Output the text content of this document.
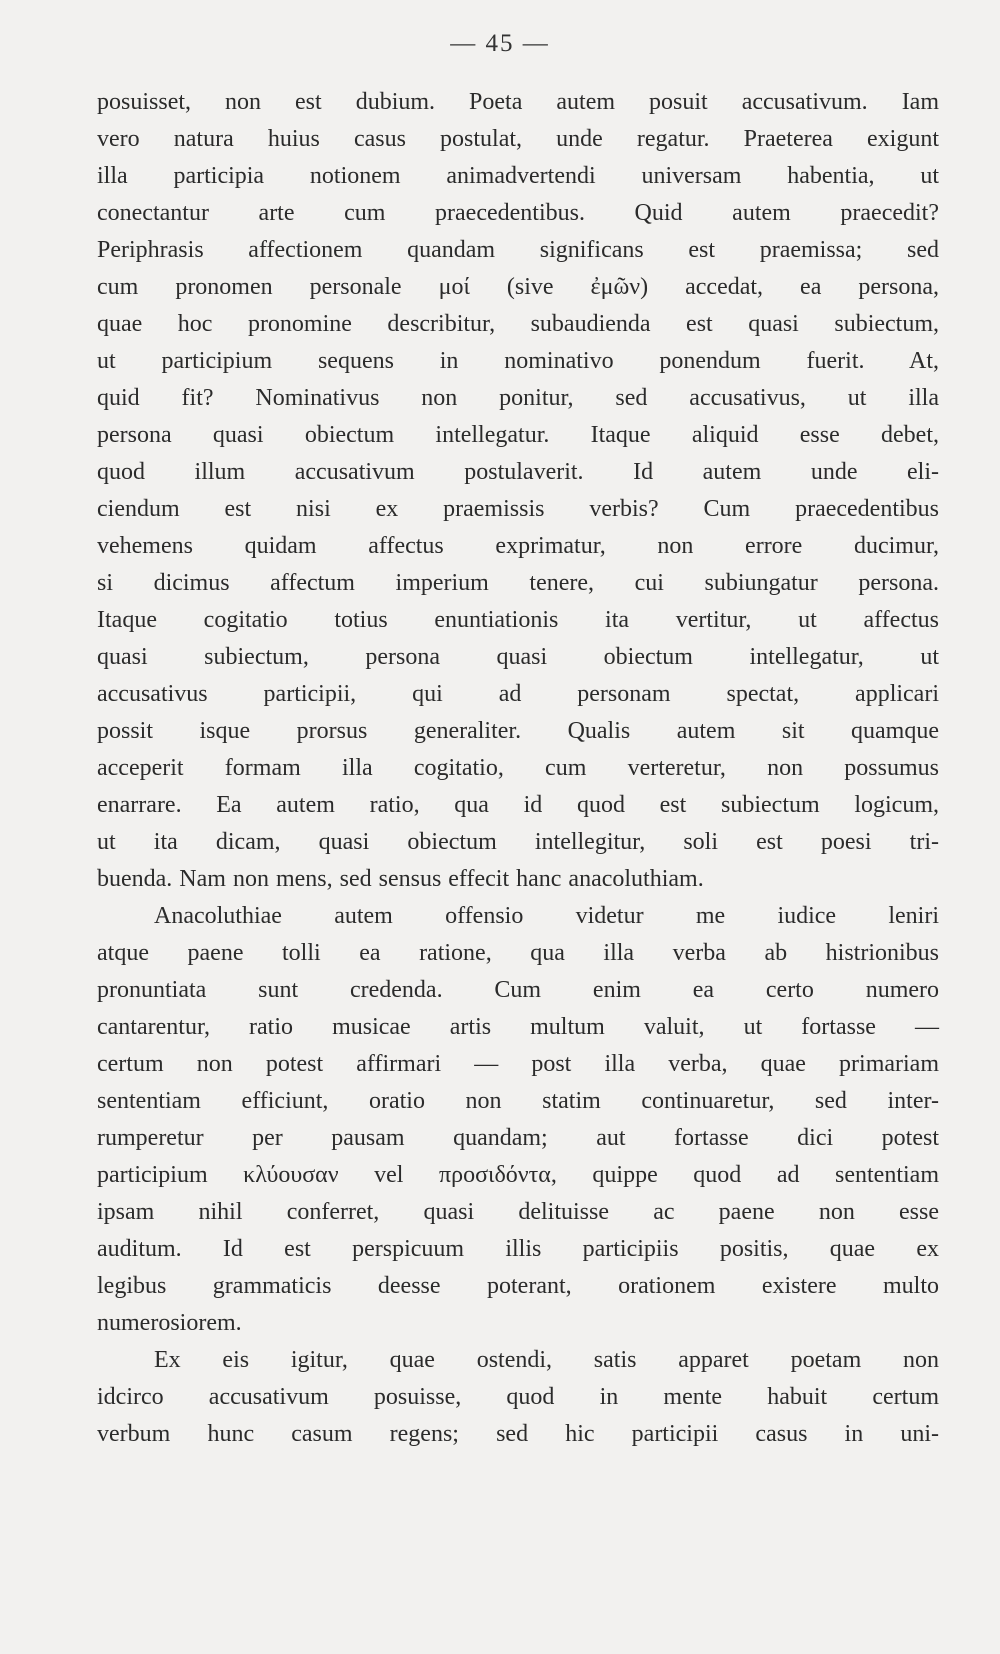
— 45 —
posuisset, non est dubium. Poeta autem posuit accusativum. Iam
vero natura huius casus postulat, unde regatur. Praeterea exigunt
illa participia notionem animadvertendi universam habentia, ut
conectantur arte cum praecedentibus. Quid autem praecedit?
Periphrasis affectionem quandam significans est praemissa; sed
cum pronomen personale μοί (sive ἐμῶν) accedat, ea persona,
quae hoc pronomine describitur, subaudienda est quasi subiectum,
ut participium sequens in nominativo ponendum fuerit. At,
quid fit? Nominativus non ponitur, sed accusativus, ut illa
persona quasi obiectum intellegatur. Itaque aliquid esse debet,
quod illum accusativum postulaverit. Id autem unde eli-
ciendum est nisi ex praemissis verbis? Cum praecedentibus
vehemens quidam affectus exprimatur, non errore ducimur,
si dicimus affectum imperium tenere, cui subiungatur persona.
Itaque cogitatio totius enuntiationis ita vertitur, ut affectus
quasi subiectum, persona quasi obiectum intellegatur, ut
accusativus participii, qui ad personam spectat, applicari
possit isque prorsus generaliter. Qualis autem sit quamque
acceperit formam illa cogitatio, cum verteretur, non possumus
enarrare. Ea autem ratio, qua id quod est subiectum logicum,
ut ita dicam, quasi obiectum intellegitur, soli est poesi tri-
buenda. Nam non mens, sed sensus effecit hanc anacoluthiam.
Anacoluthiae autem offensio videtur me iudice leniri
atque paene tolli ea ratione, qua illa verba ab histrionibus
pronuntiata sunt credenda. Cum enim ea certo numero
cantarentur, ratio musicae artis multum valuit, ut fortasse —
certum non potest affirmari — post illa verba, quae primariam
sententiam efficiunt, oratio non statim continuaretur, sed inter-
rumperetur per pausam quandam; aut fortasse dici potest
participium κλύουσαν vel προσιδόντα, quippe quod ad sententiam
ipsam nihil conferret, quasi delituisse ac paene non esse
auditum. Id est perspicuum illis participiis positis, quae ex
legibus grammaticis deesse poterant, orationem existere multo
numerosiorem.
Ex eis igitur, quae ostendi, satis apparet poetam non
idcirco accusativum posuisse, quod in mente habuit certum
verbum hunc casum regens; sed hic participii casus in uni-
